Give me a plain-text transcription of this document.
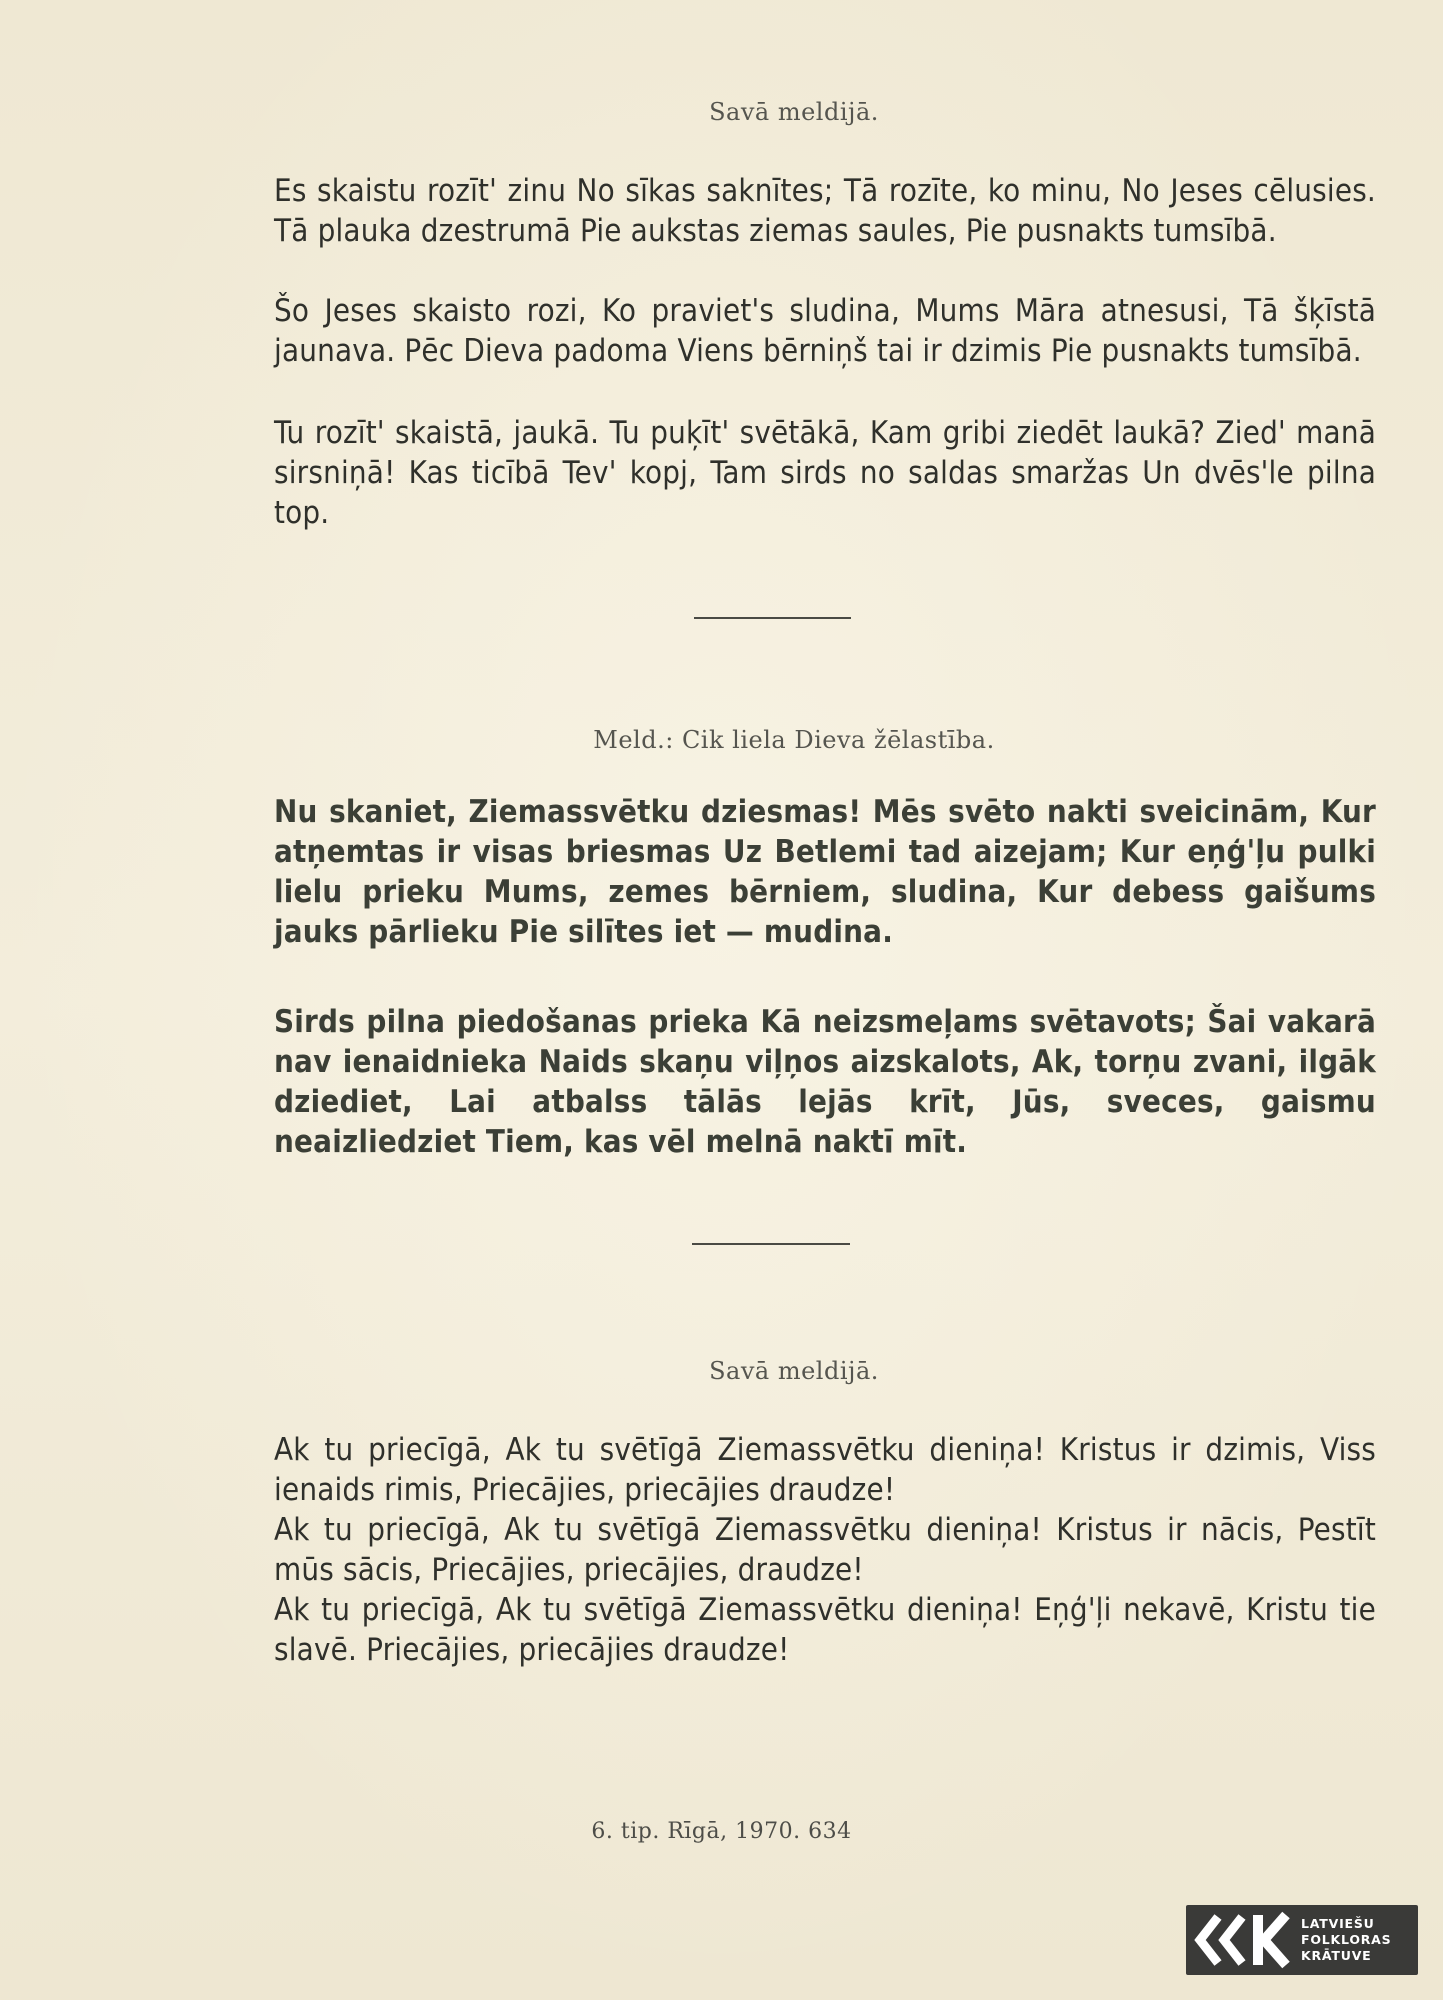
Savā meldijā.
Es skaistu rozīt' zinu No sīkas saknītes; Tā rozīte, ko minu, No Jeses cēlusies. Tā plauka dzestrumā Pie aukstas ziemas saules, Pie pusnakts tumsībā.
Šo Jeses skaisto rozi, Ko praviet's sludina, Mums Māra atnesusi, Tā šķīstā jaunava. Pēc Dieva padoma Viens bērniņš tai ir dzimis Pie pusnakts tumsībā.
Tu rozīt' skaistā, jaukā. Tu puķīt' svētākā, Kam gribi ziedēt laukā? Zied' manā sirsniņā! Kas ticībā Tev' kopj, Tam sirds no saldas smaržas Un dvēs'le pilna top.
Meld.: Cik liela Dieva žēlastība.
Nu skaniet, Ziemassvētku dziesmas! Mēs svēto nakti sveicinām, Kur atņemtas ir visas briesmas Uz Betlemi tad aizejam; Kur eņģ'ļu pulki lielu prieku Mums, zemes bērniem, sludina, Kur debess gaišums jauks pārlieku Pie silītes iet — mudina.
Sirds pilna piedošanas prieka Kā neizsmeļams svētavots; Šai vakarā nav ienaidnieka Naids skaņu viļņos aizskalots, Ak, torņu zvani, ilgāk dziediet, Lai atbalss tālās lejās krīt, Jūs, sveces, gaismu neaizliedziet Tiem, kas vēl melnā naktī mīt.
Savā meldijā.
Ak tu priecīgā, Ak tu svētīgā Ziemassvētku dieniņa! Kristus ir dzimis, Viss ienaids rimis, Priecājies, priecājies draudze!
Ak tu priecīgā, Ak tu svētīgā Ziemassvētku dieniņa! Kristus ir nācis, Pestīt mūs sācis, Priecājies, priecājies, draudze!
Ak tu priecīgā, Ak tu svētīgā Ziemassvētku dieniņa! Eņģ'ļi nekavē, Kristu tie slavē. Priecājies, priecājies draudze!
6. tip. Rīgā, 1970. 634
LATVIEŠU
FOLKLORAS
KRĀTUVE
